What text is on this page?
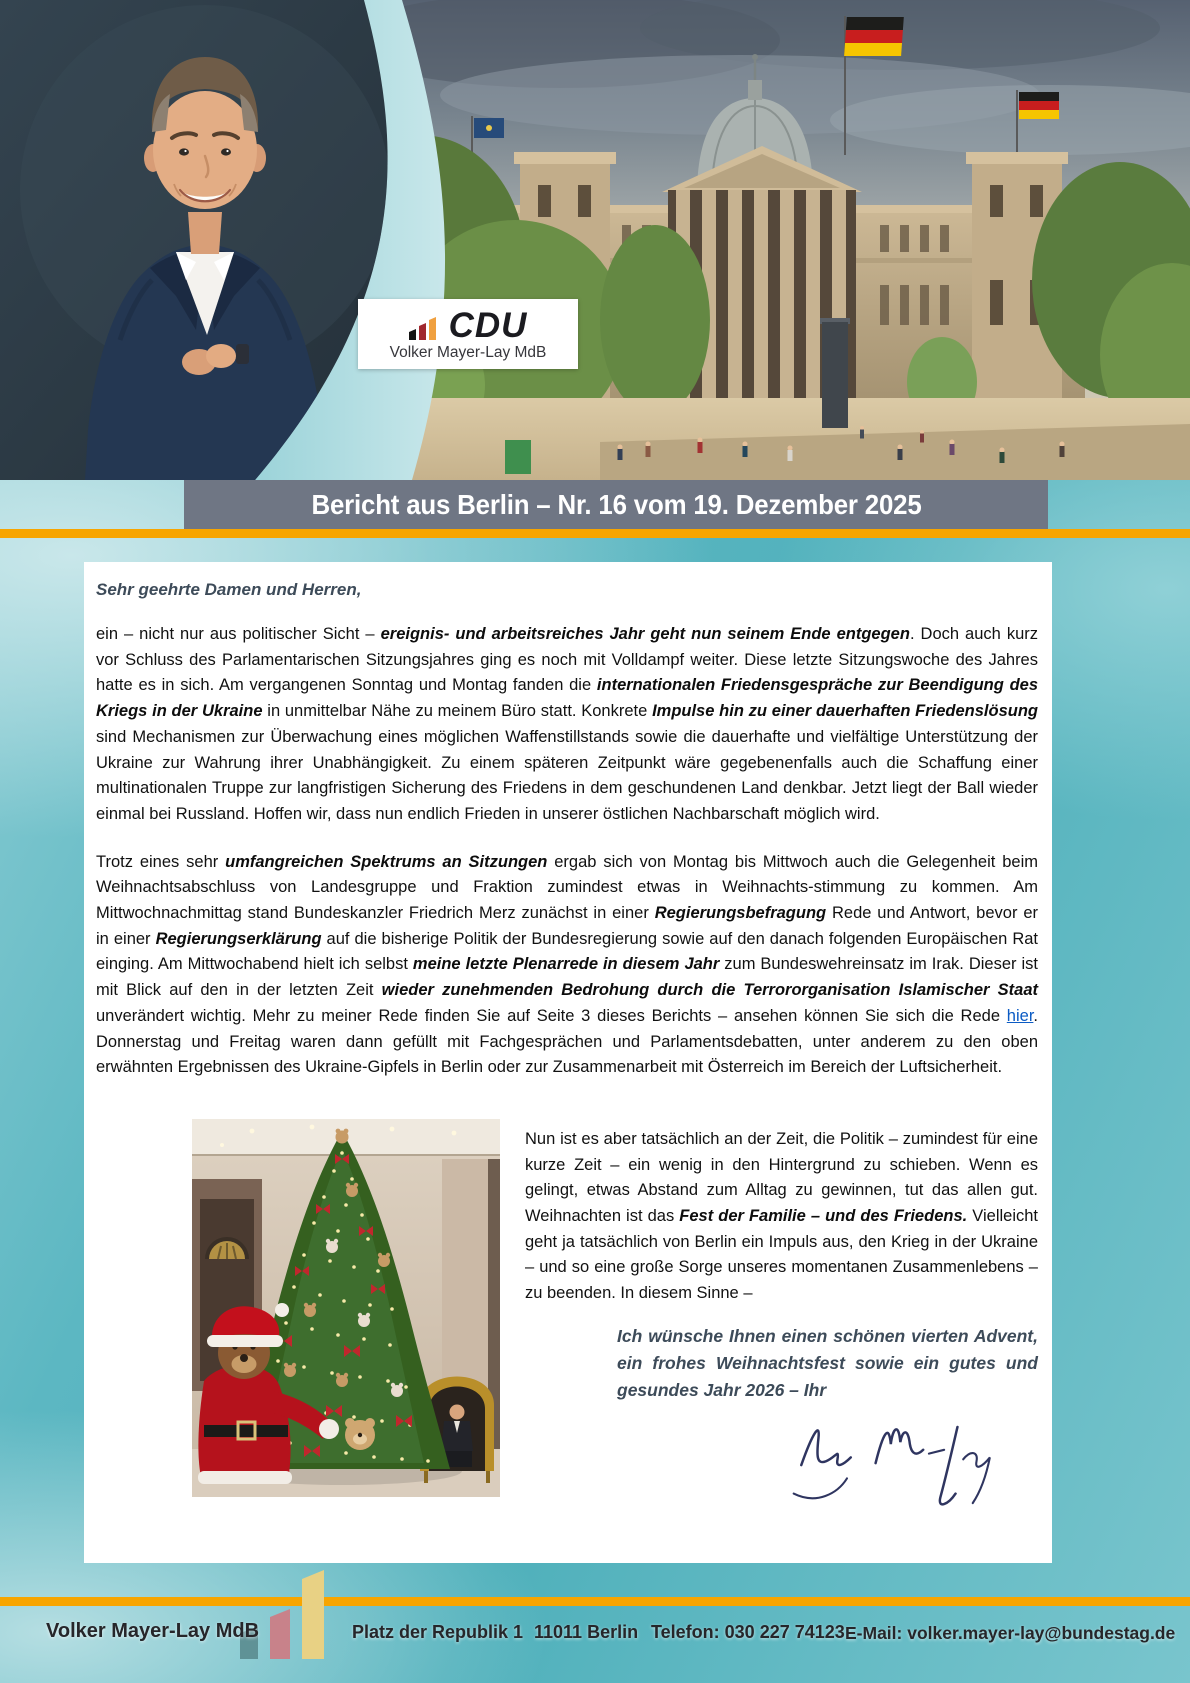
CDU
Volker Mayer-Lay MdB
Bericht aus Berlin – Nr. 16 vom 19. Dezember 2025

Sehr geehrte Damen und Herren,

ein – nicht nur aus politischer Sicht – ereignis- und arbeitsreiches Jahr geht nun seinem Ende entgegen. Doch auch kurz vor Schluss des Parlamentarischen Sitzungsjahres ging es noch mit Volldampf weiter. Diese letzte Sitzungswoche des Jahres hatte es in sich. Am vergangenen Sonntag und Montag fanden die internationalen Friedensgespräche zur Beendigung des Kriegs in der Ukraine in unmittelbar Nähe zu meinem Büro statt. Konkrete Impulse hin zu einer dauerhaften Friedenslösung sind Mechanismen zur Überwachung eines möglichen Waffenstillstands sowie die dauerhafte und vielfältige Unterstützung der Ukraine zur Wahrung ihrer Unabhängigkeit. Zu einem späteren Zeitpunkt wäre gegebenenfalls auch die Schaffung einer multinationalen Truppe zur langfristigen Sicherung des Friedens in dem geschundenen Land denkbar. Jetzt liegt der Ball wieder einmal bei Russland. Hoffen wir, dass nun endlich Frieden in unserer östlichen Nachbarschaft möglich wird.

Trotz eines sehr umfangreichen Spektrums an Sitzungen ergab sich von Montag bis Mittwoch auch die Gelegenheit beim Weihnachtsabschluss von Landesgruppe und Fraktion zumindest etwas in Weihnachts-stimmung zu kommen. Am Mittwochnachmittag stand Bundeskanzler Friedrich Merz zunächst in einer Regierungsbefragung Rede und Antwort, bevor er in einer Regierungserklärung auf die bisherige Politik der Bundesregierung sowie auf den danach folgenden Europäischen Rat einging. Am Mittwochabend hielt ich selbst meine letzte Plenarrede in diesem Jahr zum Bundeswehreinsatz im Irak. Dieser ist mit Blick auf den in der letzten Zeit wieder zunehmenden Bedrohung durch die Terrororganisation Islamischer Staat unverändert wichtig. Mehr zu meiner Rede finden Sie auf Seite 3 dieses Berichts – ansehen können Sie sich die Rede hier. Donnerstag und Freitag waren dann gefüllt mit Fachgesprächen und Parlamentsdebatten, unter anderem zu den oben erwähnten Ergebnissen des Ukraine-Gipfels in Berlin oder zur Zusammenarbeit mit Österreich im Bereich der Luftsicherheit.

Nun ist es aber tatsächlich an der Zeit, die Politik – zumindest für eine kurze Zeit – ein wenig in den Hintergrund zu schieben. Wenn es gelingt, etwas Abstand zum Alltag zu gewinnen, tut das allen gut. Weihnachten ist das Fest der Familie – und des Friedens. Vielleicht geht ja tatsächlich von Berlin ein Impuls aus, den Krieg in der Ukraine – und so eine große Sorge unseres momentanen Zusammenlebens – zu beenden. In diesem Sinne –

Ich wünsche Ihnen einen schönen vierten Advent, ein frohes Weihnachtsfest sowie ein gutes und gesundes Jahr 2026 – Ihr

Volker Mayer-Lay MdB	Platz der Republik 1 11011 Berlin Telefon: 030 227 74123 E-Mail: volker.mayer-lay@bundestag.de
